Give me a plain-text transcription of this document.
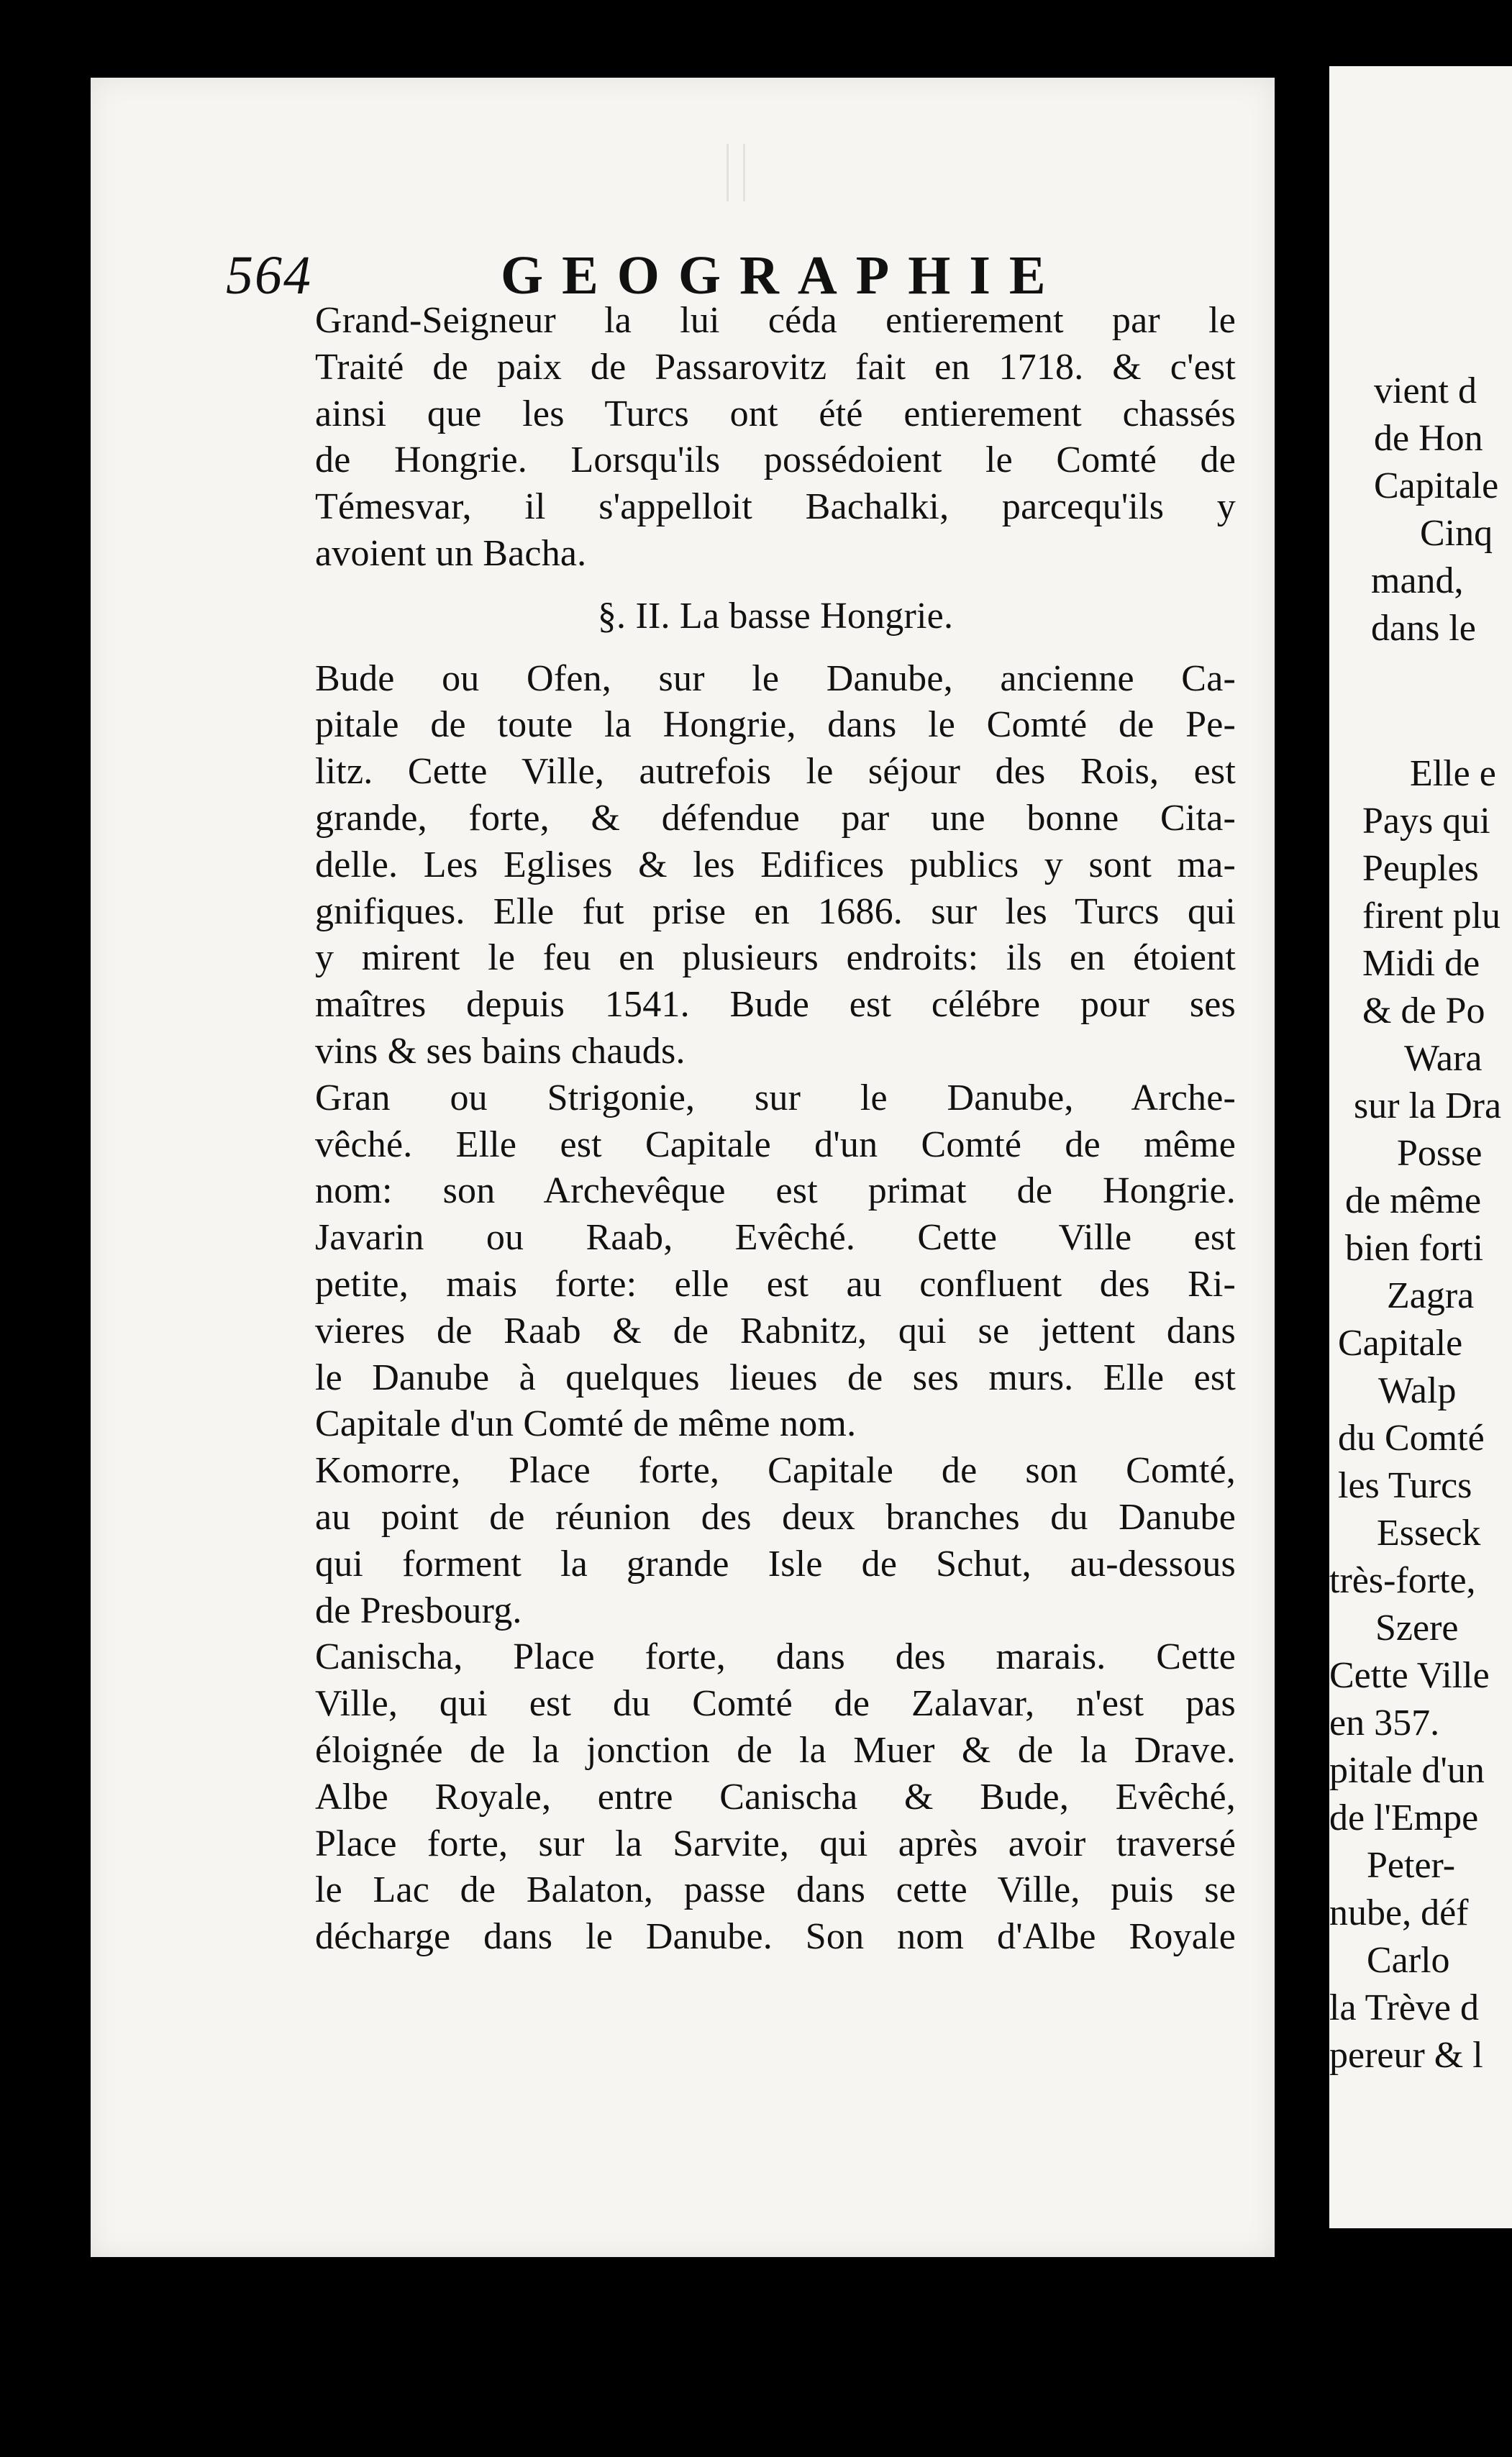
vient d
de Hon
Capitale
Cinq
mand,
dans le
Elle e
Pays qui
Peuples
firent plu
Midi de
& de Po
Wara
sur la Dra
Posse
de même
bien forti
Zagra
Capitale
Walp
du Comté
les Turcs
Esseck
très-forte,
Szere
Cette Ville
en 357.
pitale d'un
de l'Empe
Peter-
nube, déf
Carlo
la Trève d
pereur & l
564	GEOGRAPHIE
Grand-Seigneur la lui céda entierement par le
Traité de paix de Passarovitz fait en 1718. & c'est
ainsi que les Turcs ont été entierement chassés
de Hongrie. Lorsqu'ils possédoient le Comté de
Témesvar, il s'appelloit Bachalki, parcequ'ils y
avoient un Bacha.
§. II. La basse Hongrie.
Bude ou Ofen, sur le Danube, ancienne Ca-
pitale de toute la Hongrie, dans le Comté de Pe-
litz. Cette Ville, autrefois le séjour des Rois, est
grande, forte, & défendue par une bonne Cita-
delle. Les Eglises & les Edifices publics y sont ma-
gnifiques. Elle fut prise en 1686. sur les Turcs qui
y mirent le feu en plusieurs endroits: ils en étoient
maîtres depuis 1541. Bude est célébre pour ses
vins & ses bains chauds.
Gran ou Strigonie, sur le Danube, Arche-
vêché. Elle est Capitale d'un Comté de même
nom: son Archevêque est primat de Hongrie.
Javarin ou Raab, Evêché. Cette Ville est
petite, mais forte: elle est au confluent des Ri-
vieres de Raab & de Rabnitz, qui se jettent dans
le Danube à quelques lieues de ses murs. Elle est
Capitale d'un Comté de même nom.
Komorre, Place forte, Capitale de son Comté,
au point de réunion des deux branches du Danube
qui forment la grande Isle de Schut, au-dessous
de Presbourg.
Canischa, Place forte, dans des marais. Cette
Ville, qui est du Comté de Zalavar, n'est pas
éloignée de la jonction de la Muer & de la Drave.
Albe Royale, entre Canischa & Bude, Evêché,
Place forte, sur la Sarvite, qui après avoir traversé
le Lac de Balaton, passe dans cette Ville, puis se
décharge dans le Danube. Son nom d'Albe Royale
